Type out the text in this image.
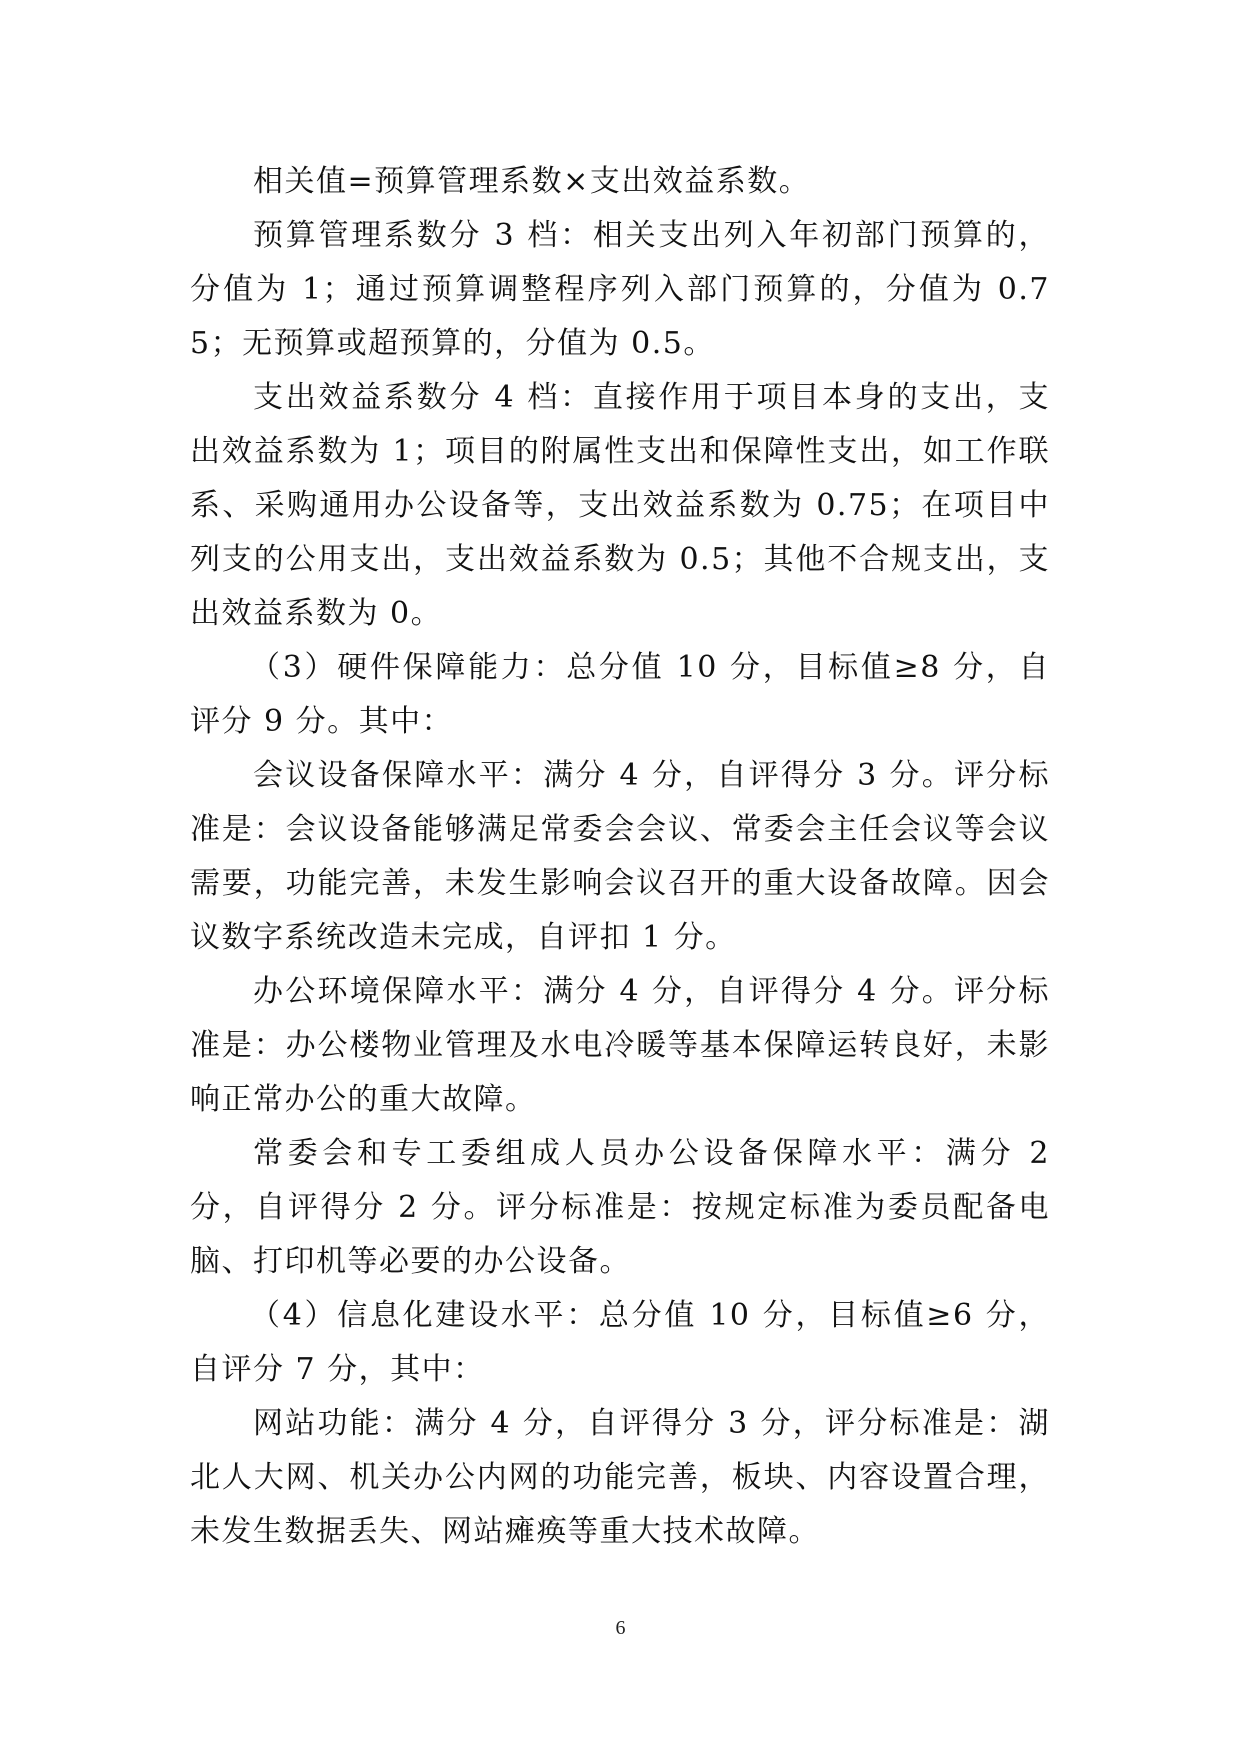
相关值=预算管理系数×支出效益系数。

预算管理系数分 3 档：相关支出列入年初部门预算的，分值为 1；通过预算调整程序列入部门预算的，分值为 0.75；无预算或超预算的，分值为 0.5。

支出效益系数分 4 档：直接作用于项目本身的支出，支出效益系数为 1；项目的附属性支出和保障性支出，如工作联系、采购通用办公设备等，支出效益系数为 0.75；在项目中列支的公用支出，支出效益系数为 0.5；其他不合规支出，支出效益系数为 0。

（3）硬件保障能力：总分值 10 分，目标值≥8 分，自评分 9 分。其中：

会议设备保障水平：满分 4 分，自评得分 3 分。评分标准是：会议设备能够满足常委会会议、常委会主任会议等会议需要，功能完善，未发生影响会议召开的重大设备故障。因会议数字系统改造未完成，自评扣 1 分。

办公环境保障水平：满分 4 分，自评得分 4 分。评分标准是：办公楼物业管理及水电冷暖等基本保障运转良好，未影响正常办公的重大故障。

常委会和专工委组成人员办公设备保障水平：满分 2 分，自评得分 2 分。评分标准是：按规定标准为委员配备电脑、打印机等必要的办公设备。

（4）信息化建设水平：总分值 10 分，目标值≥6 分，自评分 7 分，其中：

网站功能：满分 4 分，自评得分 3 分，评分标准是：湖北人大网、机关办公内网的功能完善，板块、内容设置合理，未发生数据丢失、网站瘫痪等重大技术故障。

6
